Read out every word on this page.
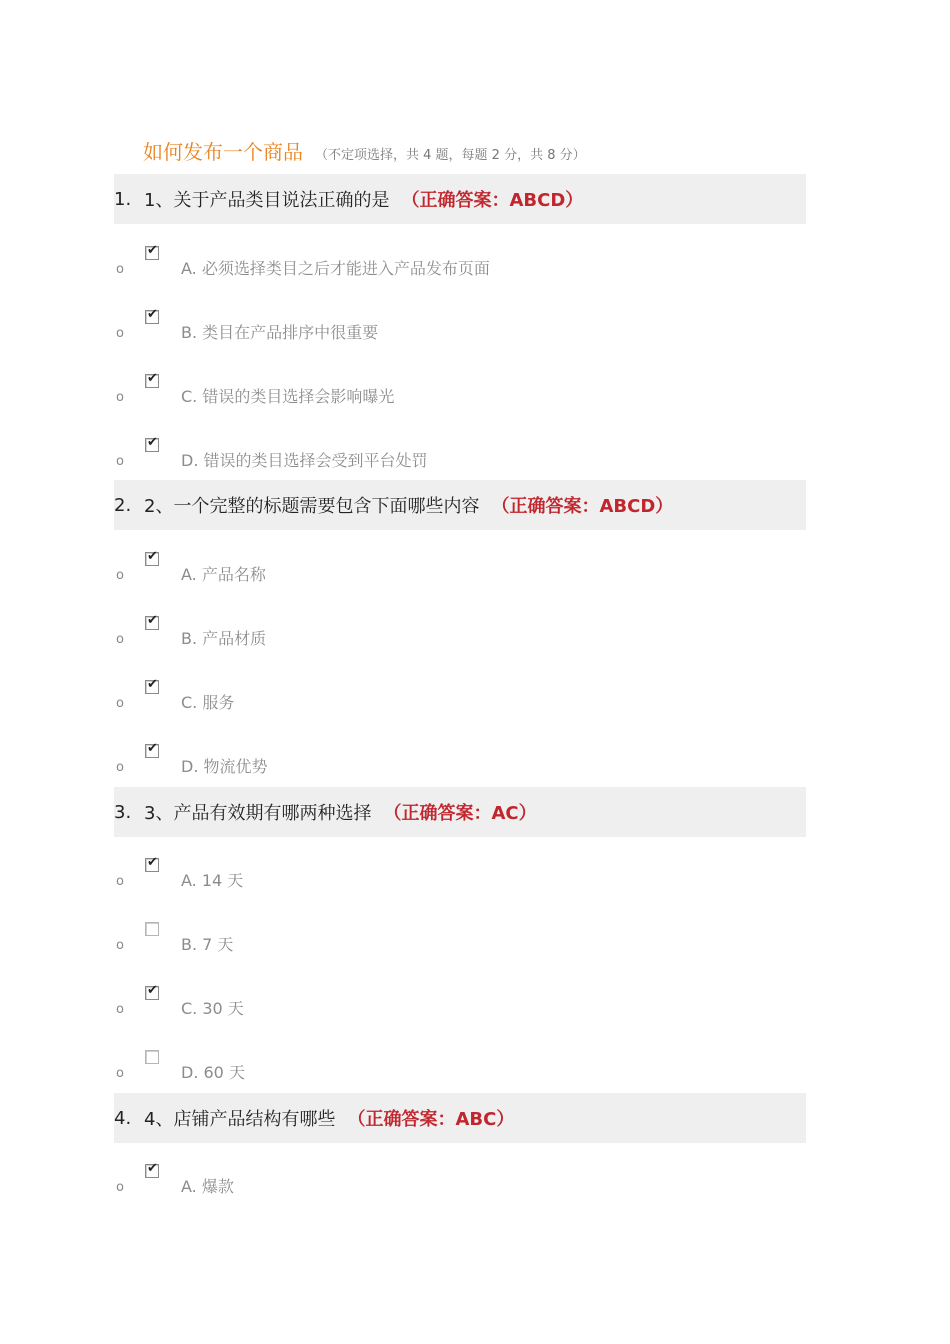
如何发布一个商品 （不定项选择，共 4 题，每题 2 分，共 8 分）
1. 1、关于产品类目说法正确的是 （正确答案：ABCD）
o
✔
A. 必须选择类目之后才能进入产品发布页面
o
✔
B. 类目在产品排序中很重要
o
✔
C. 错误的类目选择会影响曝光
o
✔
D. 错误的类目选择会受到平台处罚
2. 2、一个完整的标题需要包含下面哪些内容 （正确答案：ABCD）
o
✔
A. 产品名称
o
✔
B. 产品材质
o
✔
C. 服务
o
✔
D. 物流优势
3. 3、产品有效期有哪两种选择 （正确答案：AC）
o
✔
A. 14 天
o	B. 7 天
o
✔
C. 30 天
o	D. 60 天
4. 4、店铺产品结构有哪些 （正确答案：ABC）
o
✔
A. 爆款
